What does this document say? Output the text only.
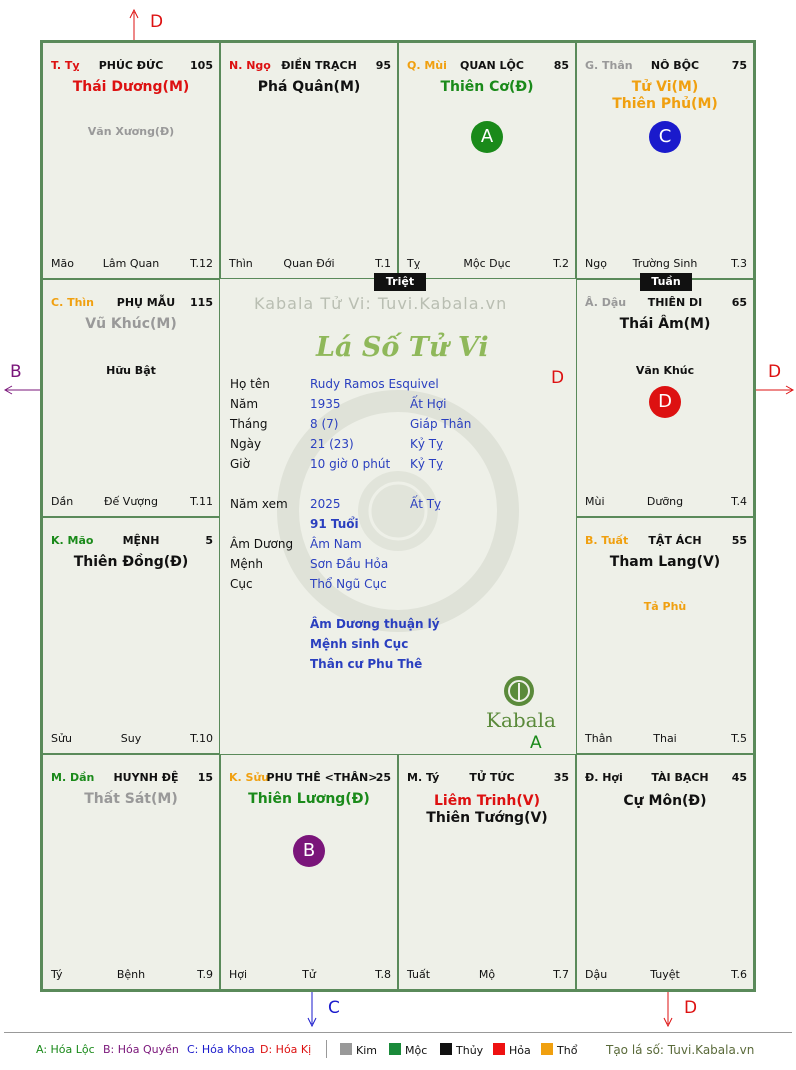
D
B	D
C	D
T. Tỵ	PHÚC ĐỨC	105
Thái Dương(M)
Văn Xương(Đ)
Mão	Lâm Quan	T.12
N. Ngọ ĐIỀN TRẠCH	95
Phá Quân(M)
Thìn	Quan Đới	T.1
Q. Mùi	QUAN LỘC	85
Thiên Cơ(Đ)
A
Tỵ	Mộc Dục	T.2
G. Thân	NÔ BỘC	75
Tử Vi(M)
Thiên Phủ(M)
C
Ngọ	Trường Sinh	T.3
C. Thìn	PHỤ MẪU	115
Vũ Khúc(M)
Hữu Bật
Dần	Đế Vượng	T.11
Â. Dậu	THIÊN DI	65
Thái Âm(M)
Văn Khúc
D
Mùi	Dưỡng	T.4
K. Mão	MỆNH	5
Thiên Đồng(Đ)
Sửu	Suy	T.10
B. Tuất	TẬT ÁCH	55
Tham Lang(V)
Tả Phù
Thân	Thai	T.5
M. Dần	HUYNH ĐỆ	15
Thất Sát(M)
Tý	Bệnh	T.9
K. Sửu
PHU THÊ <THÂN>
25
Thiên Lương(Đ)
B
Hợi	Tử	T.8
M. Tý	TỬ TỨC	35
Liêm Trinh(V)
Thiên Tướng(V)
Tuất	Mộ	T.7
Đ. Hợi	TÀI BẠCH	45
Cự Môn(Đ)
Dậu	Tuyệt	T.6
Triệt	Tuần
Kabala Tử Vi: Tuvi.Kabala.vn
Lá Số Tử Vi
Họ tên	Rudy Ramos Esquivel
Năm	1935	Ất Hợi
Tháng	8 (7)	Giáp Thân
Ngày	21 (23)	Kỷ Tỵ
Giờ	10 giờ 0 phút Kỷ Tỵ
Năm xem 2025	Ất Tỵ
91 Tuổi
Âm Dương Âm Nam
Mệnh	Sơn Đầu Hỏa
Cục	Thổ Ngũ Cục
Âm Dương thuận lý
Mệnh sinh Cục
Thân cư Phu Thê
Kabala
D
A
A: Hóa Lộc B: Hóa Quyền C: Hóa Khoa D: Hóa Kị	Kim	Mộc	Thủy	Hỏa	Thổ Tạo lá số: Tuvi.Kabala.vn
